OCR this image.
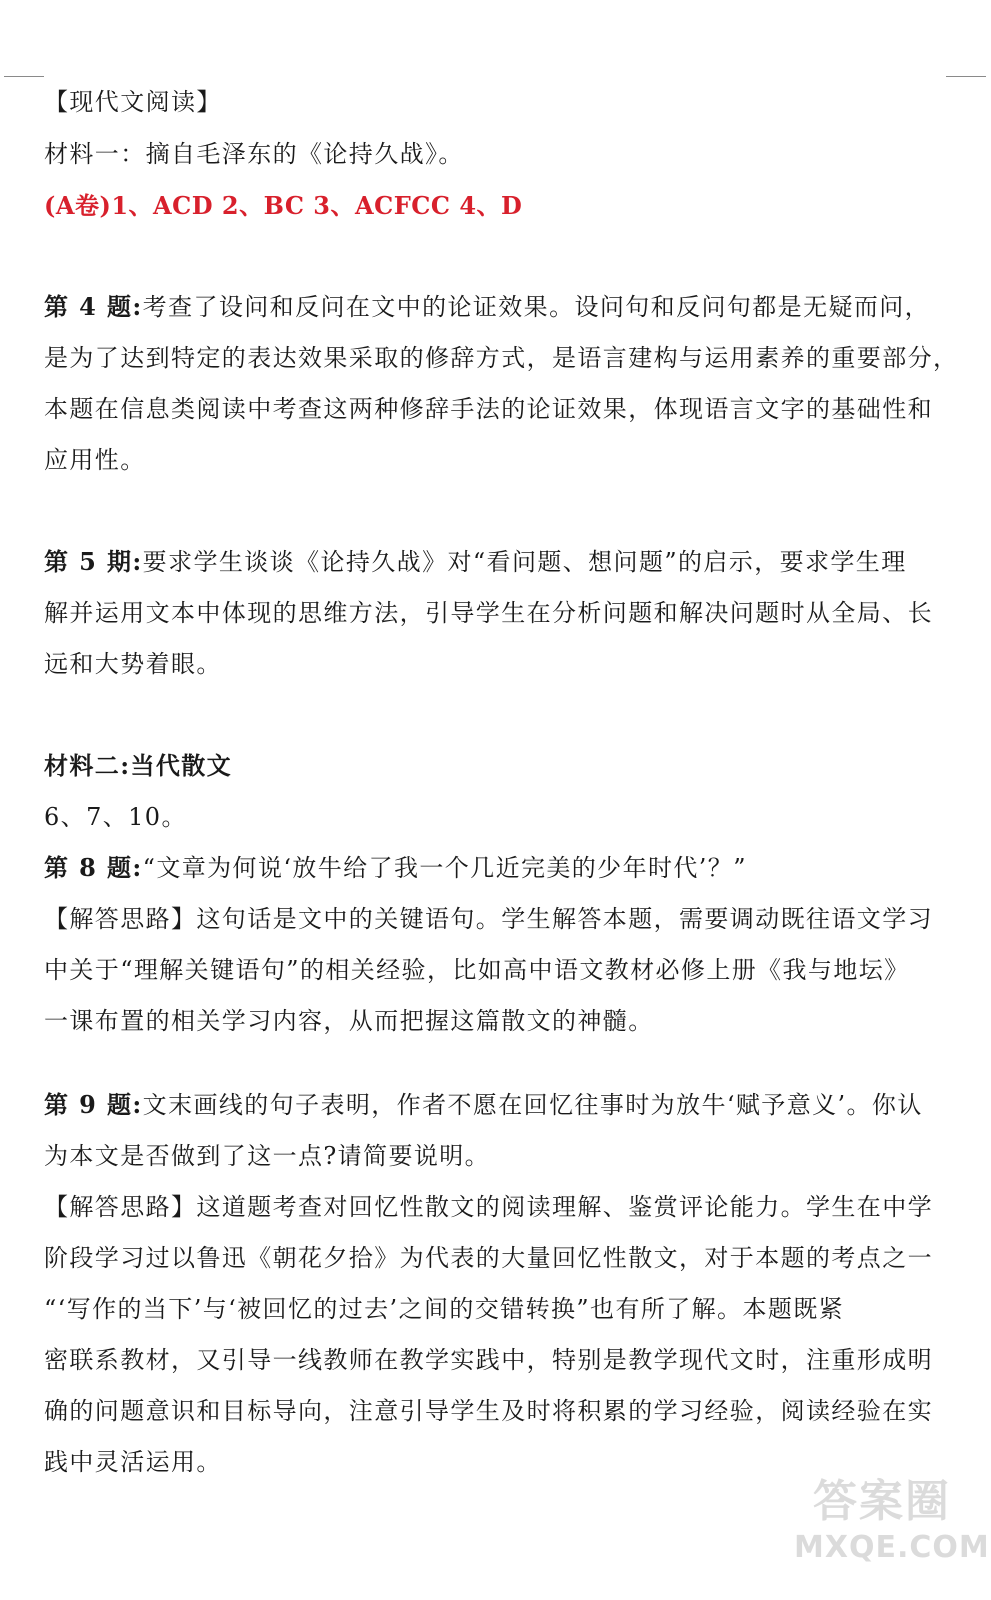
【现代文阅读】
材料一：摘自毛泽东的《论持久战》。
(A卷)1、ACD 2、BC 3、ACFCC 4、D
第 4 题:考查了设问和反问在文中的论证效果。设问句和反问句都是无疑而问，
是为了达到特定的表达效果采取的修辞方式，是语言建构与运用素养的重要部分，
本题在信息类阅读中考查这两种修辞手法的论证效果，体现语言文字的基础性和
应用性。
第 5 期:要求学生谈谈《论持久战》对“看问题、想问题”的启示，要求学生理
解并运用文本中体现的思维方法，引导学生在分析问题和解决问题时从全局、长
远和大势着眼。
材料二:当代散文
6、7、10。
第 8 题:“文章为何说‘放牛给了我一个几近完美的少年时代’？”
【解答思路】这句话是文中的关键语句。学生解答本题，需要调动既往语文学习
中关于“理解关键语句”的相关经验，比如高中语文教材必修上册《我与地坛》
一课布置的相关学习内容，从而把握这篇散文的神髓。
第 9 题:文末画线的句子表明，作者不愿在回忆往事时为放牛‘赋予意义’。你认
为本文是否做到了这一点?请简要说明。
【解答思路】这道题考查对回忆性散文的阅读理解、鉴赏评论能力。学生在中学
阶段学习过以鲁迅《朝花夕拾》为代表的大量回忆性散文，对于本题的考点之一
“‘写作的当下’与‘被回忆的过去’之间的交错转换”也有所了解。本题既紧
密联系教材，又引导一线教师在教学实践中，特别是教学现代文时，注重形成明
确的问题意识和目标导向，注意引导学生及时将积累的学习经验，阅读经验在实
践中灵活运用。
答案圈
MXQE.COM
